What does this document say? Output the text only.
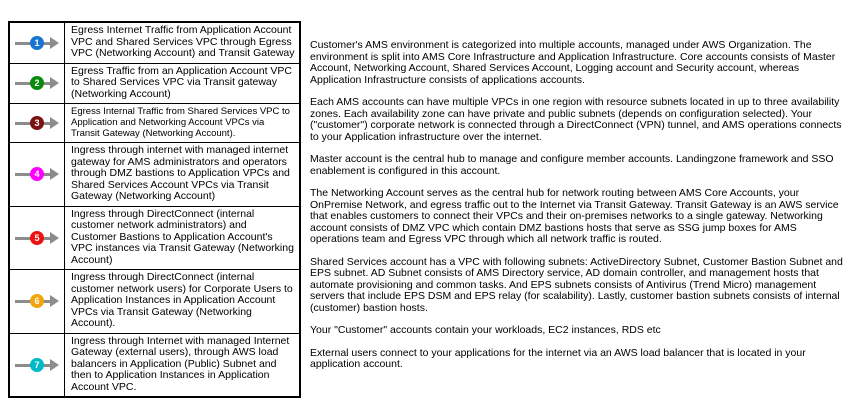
1	Egress Internet Traffic from Application Account VPC and Shared Services VPC through Egress VPC (Networking Account) and Transit Gateway

2	Egress Traffic from an Application Account VPC to Shared Services VPC via Transit gateway (Networking Account)

3	Egress Internal Traffic from Shared Services VPC to Application and Networking Account VPCs via Transit Gateway (Networking Account).

4	Ingress through internet with managed internet gateway for AMS administrators and operators through DMZ bastions to Application VPCs and Shared Services Account VPCs via Transit Gateway (Networking Account)

5	Ingress through DirectConnect (internal customer network administrators) and Customer Bastions to Application Account's VPC instances via Transit Gateway (Networking Account)

6	Ingress through DirectConnect (internal customer network users) for Corporate Users to Application Instances in Application Account VPCs via Transit Gateway (Networking Account).

7	Ingress through Internet with managed Internet Gateway (external users), through AWS load balancers in Application (Public) Subnet and then to Application Instances in Application Account VPC.

Customer's AMS environment is categorized into multiple accounts, managed under AWS Organization. The environment is split into AMS Core Infrastructure and Application Infrastructure. Core accounts consists of Master Account, Networking Account, Shared Services Account, Logging account and Security account, whereas Application Infrastructure consists of applications accounts.

Each AMS accounts can have multiple VPCs in one region with resource subnets located in up to three availability zones. Each availability zone can have private and public subnets (depends on configuration selected). Your ("customer") corporate network is connected through a DirectConnect (VPN) tunnel, and AMS operations connects to your Application infrastructure over the internet.

Master account is the central hub to manage and configure member accounts. Landingzone framework and SSO enablement is configured in this account.

The Networking Account serves as the central hub for network routing between AMS Core Accounts, your OnPremise Network, and egress traffic out to the Internet via Transit Gateway. Transit Gateway is an AWS service that enables customers to connect their VPCs and their on-premises networks to a single gateway. Networking account consists of DMZ VPC which contain DMZ bastions hosts that serve as SSG jump boxes for AMS operations team and Egress VPC through which all network traffic is routed.

Shared Services account has a VPC with following subnets: ActiveDirectory Subnet, Customer Bastion Subnet and EPS subnet. AD Subnet consists of AMS Directory service, AD domain controller, and management hosts that automate provisioning and common tasks. And EPS subnets consists of Antivirus (Trend Micro) management servers that include EPS DSM and EPS relay (for scalability). Lastly, customer bastion subnets consists of internal (customer) bastion hosts.

Your "Customer" accounts contain your workloads, EC2 instances, RDS etc

External users connect to your applications for the internet via an AWS load balancer that is located in your application account.
